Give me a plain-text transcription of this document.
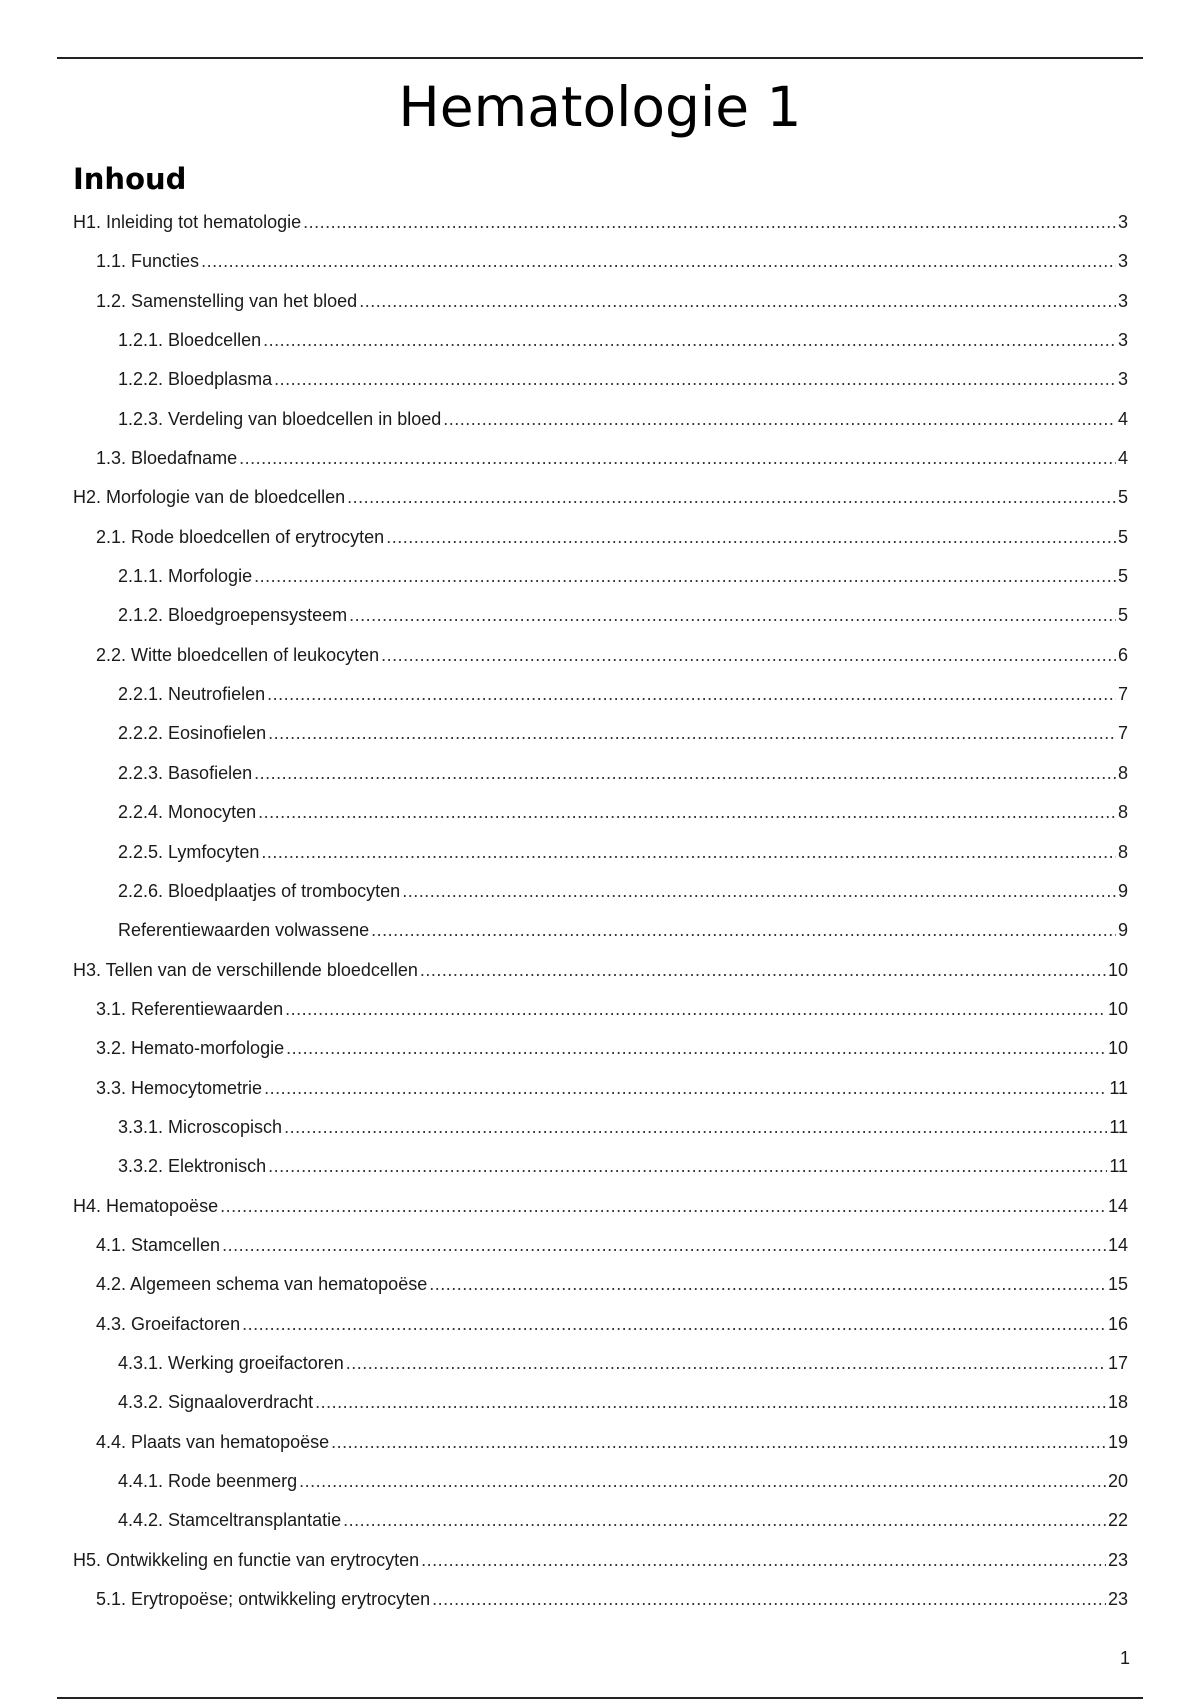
Hematologie 1
Inhoud
H1. Inleiding tot hematologie .....	3
1.1. Functies .....	3
1.2. Samenstelling van het bloed .....	3
1.2.1. Bloedcellen .....	3
1.2.2. Bloedplasma .....	3
1.2.3. Verdeling van bloedcellen in bloed .....	4
1.3. Bloedafname .....	4
H2. Morfologie van de bloedcellen .....	5
2.1. Rode bloedcellen of erytrocyten .....	5
2.1.1. Morfologie .....	5
2.1.2. Bloedgroepensysteem .....	5
2.2. Witte bloedcellen of leukocyten .....	6
2.2.1. Neutrofielen .....	7
2.2.2. Eosinofielen .....	7
2.2.3. Basofielen .....	8
2.2.4. Monocyten .....	8
2.2.5. Lymfocyten .....	8
2.2.6. Bloedplaatjes of trombocyten .....	9
Referentiewaarden volwassene .....	9
H3. Tellen van de verschillende bloedcellen .....	10
3.1. Referentiewaarden .....	10
3.2. Hemato-morfologie .....	10
3.3. Hemocytometrie .....	11
3.3.1. Microscopisch .....	11
3.3.2. Elektronisch .....	11
H4. Hematopoëse .....	14
4.1. Stamcellen .....	14
4.2. Algemeen schema van hematopoëse .....	15
4.3. Groeifactoren .....	16
4.3.1. Werking groeifactoren .....	17
4.3.2. Signaaloverdracht .....	18
4.4. Plaats van hematopoëse .....	19
4.4.1. Rode beenmerg .....	20
4.4.2. Stamceltransplantatie .....	22
H5. Ontwikkeling en functie van erytrocyten .....	23
5.1. Erytropoëse; ontwikkeling erytrocyten .....	23
1
